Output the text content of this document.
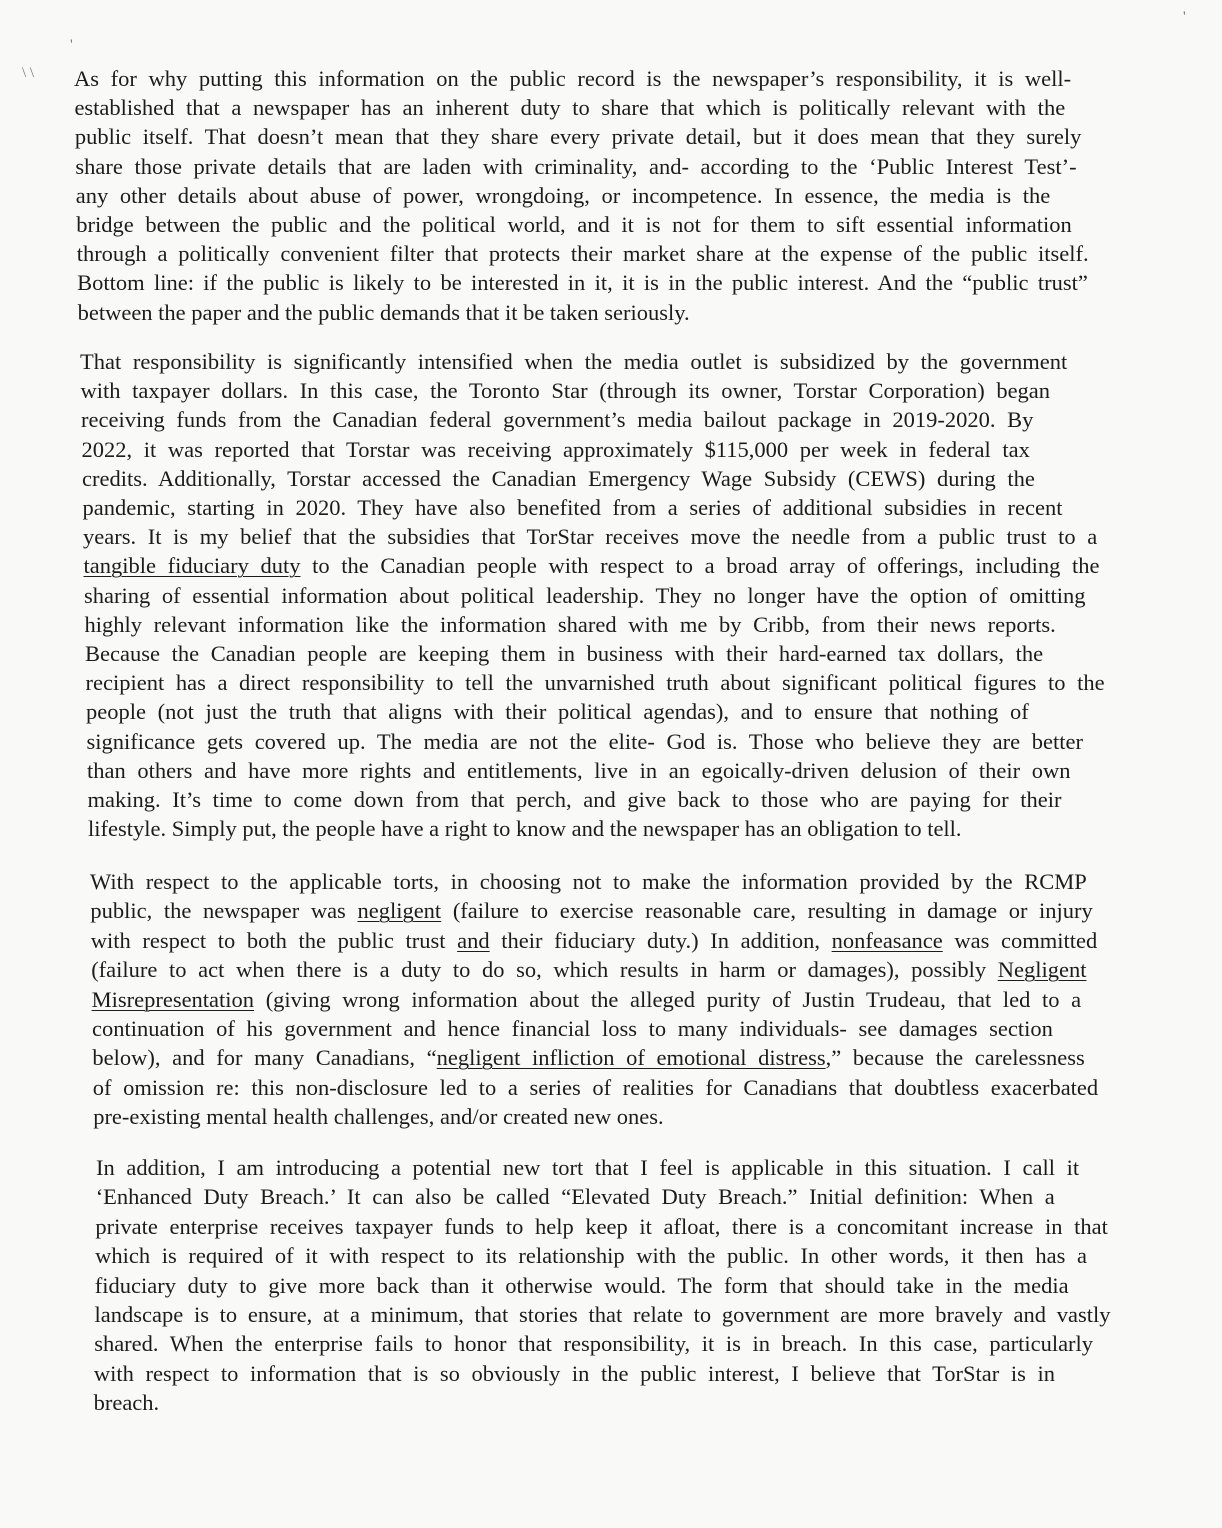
\ \
'
'
As for why putting this information on the public record is the newspaper’s responsibility, it is well-
established that a newspaper has an inherent duty to share that which is politically relevant with the
public itself. That doesn’t mean that they share every private detail, but it does mean that they surely
share those private details that are laden with criminality, and- according to the ‘Public Interest Test’-
any other details about abuse of power, wrongdoing, or incompetence. In essence, the media is the
bridge between the public and the political world, and it is not for them to sift essential information
through a politically convenient filter that protects their market share at the expense of the public itself.
Bottom line: if the public is likely to be interested in it, it is in the public interest. And the “public trust”
between the paper and the public demands that it be taken seriously.
That responsibility is significantly intensified when the media outlet is subsidized by the government
with taxpayer dollars. In this case, the Toronto Star (through its owner, Torstar Corporation) began
receiving funds from the Canadian federal government’s media bailout package in 2019-2020. By
2022, it was reported that Torstar was receiving approximately $115,000 per week in federal tax
credits. Additionally, Torstar accessed the Canadian Emergency Wage Subsidy (CEWS) during the
pandemic, starting in 2020. They have also benefited from a series of additional subsidies in recent
years. It is my belief that the subsidies that TorStar receives move the needle from a public trust to a
tangible fiduciary duty to the Canadian people with respect to a broad array of offerings, including the
sharing of essential information about political leadership. They no longer have the option of omitting
highly relevant information like the information shared with me by Cribb, from their news reports.
Because the Canadian people are keeping them in business with their hard-earned tax dollars, the
recipient has a direct responsibility to tell the unvarnished truth about significant political figures to the
people (not just the truth that aligns with their political agendas), and to ensure that nothing of
significance gets covered up. The media are not the elite- God is. Those who believe they are better
than others and have more rights and entitlements, live in an egoically-driven delusion of their own
making. It’s time to come down from that perch, and give back to those who are paying for their
lifestyle. Simply put, the people have a right to know and the newspaper has an obligation to tell.
With respect to the applicable torts, in choosing not to make the information provided by the RCMP
public, the newspaper was negligent (failure to exercise reasonable care, resulting in damage or injury
with respect to both the public trust and their fiduciary duty.) In addition, nonfeasance was committed
(failure to act when there is a duty to do so, which results in harm or damages), possibly Negligent
Misrepresentation (giving wrong information about the alleged purity of Justin Trudeau, that led to a
continuation of his government and hence financial loss to many individuals- see damages section
below), and for many Canadians, “negligent infliction of emotional distress,” because the carelessness
of omission re: this non-disclosure led to a series of realities for Canadians that doubtless exacerbated
pre-existing mental health challenges, and/or created new ones.
In addition, I am introducing a potential new tort that I feel is applicable in this situation. I call it
‘Enhanced Duty Breach.’ It can also be called “Elevated Duty Breach.” Initial definition: When a
private enterprise receives taxpayer funds to help keep it afloat, there is a concomitant increase in that
which is required of it with respect to its relationship with the public. In other words, it then has a
fiduciary duty to give more back than it otherwise would. The form that should take in the media
landscape is to ensure, at a minimum, that stories that relate to government are more bravely and vastly
shared. When the enterprise fails to honor that responsibility, it is in breach. In this case, particularly
with respect to information that is so obviously in the public interest, I believe that TorStar is in
breach.
